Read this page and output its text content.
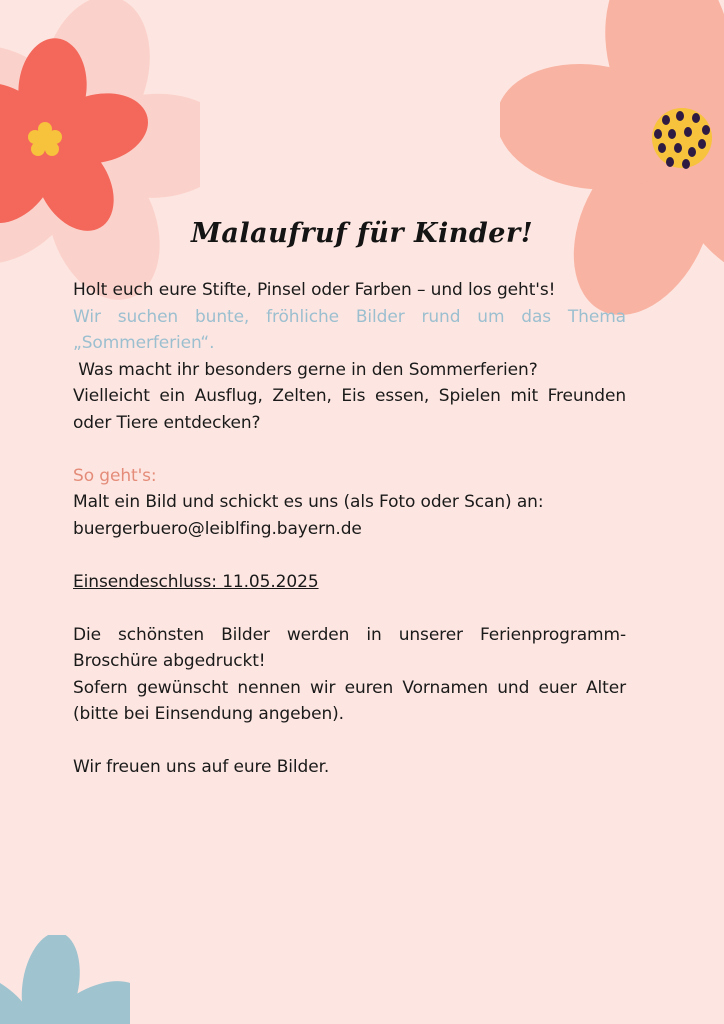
Malaufruf für Kinder!

Holt euch eure Stifte, Pinsel oder Farben – und los geht's!

Wir suchen bunte, fröhliche Bilder rund um das Thema „Sommerferien“.

Was macht ihr besonders gerne in den Sommerferien?

Vielleicht ein Ausflug, Zelten, Eis essen, Spielen mit Freunden oder Tiere entdecken?

So geht's:

Malt ein Bild und schickt es uns (als Foto oder Scan) an:

buergerbuero@leiblfing.bayern.de

Einsendeschluss: 11.05.2025

Die schönsten Bilder werden in unserer Ferienprogramm-Broschüre abgedruckt!

Sofern gewünscht nennen wir euren Vornamen und euer Alter (bitte bei Einsendung angeben).

Wir freuen uns auf eure Bilder.
